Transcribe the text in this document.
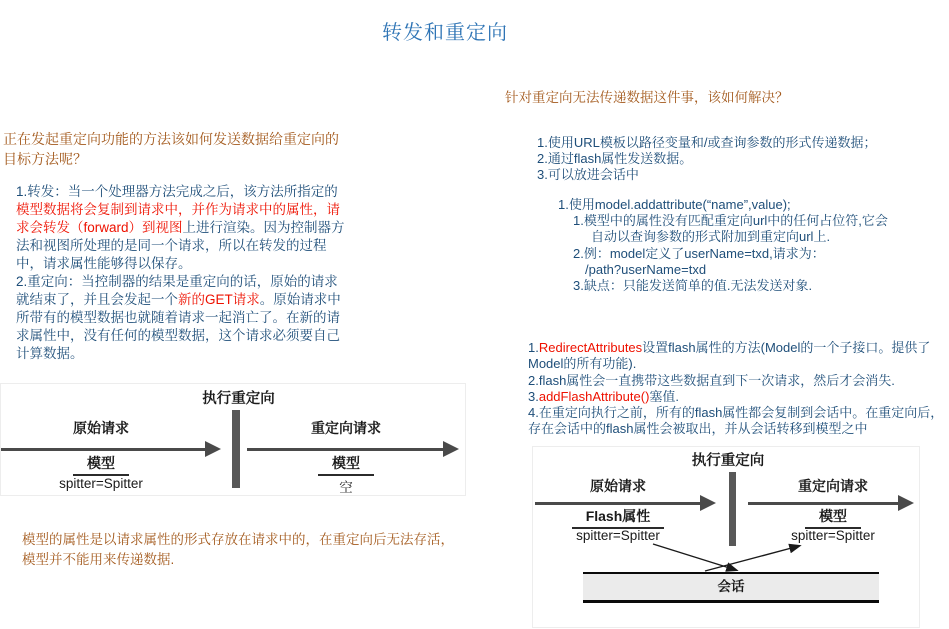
转发和重定向
正在发起重定向功能的方法该如何发送数据给重定向的目标方法呢？

1.转发：当一个处理器方法完成之后，该方法所指定的模型数据将会复制到请求中，并作为请求中的属性，请求会转发（forward）到视图上进行渲染。因为控制器方法和视图所处理的是同一个请求，所以在转发的过程中，请求属性能够得以保存。

2.重定向：当控制器的结果是重定向的话，原始的请求就结束了，并且会发起一个新的GET请求。原始请求中所带有的模型数据也就随着请求一起消亡了。在新的请求属性中，没有任何的模型数据，这个请求必须要自己计算数据。

执行重定向
原始请求
模型
spitter=Spitter
重定向请求
模型
空
模型的属性是以请求属性的形式存放在请求中的，在重定向后无法存活，模型并不能用来传递数据.
针对重定向无法传递数据这件事，该如何解决？
1.使用URL模板以路径变量和/或查询参数的形式传递数据；
2.通过flash属性发送数据。
3.可以放进会话中
1.使用model.addattribute(“name”,value);
1.模型中的属性没有匹配重定向url中的任何占位符,它会
自动以查询参数的形式附加到重定向url上.
2.例：model定义了userName=txd,请求为：
/path?userName=txd
3.缺点：只能发送简单的值.无法发送对象.

1.RedirectAttributes设置flash属性的方法(Model的一个子接口。提供了Model的所有功能).

2.flash属性会一直携带这些数据直到下一次请求，然后才会消失.

3.addFlashAttribute()塞值.

4.在重定向执行之前，所有的flash属性都会复制到会话中。在重定向后，存在会话中的flash属性会被取出，并从会话转移到模型之中

执行重定向
原始请求
Flash属性
spitter=Spitter
重定向请求
模型
spitter=Spitter
会话
